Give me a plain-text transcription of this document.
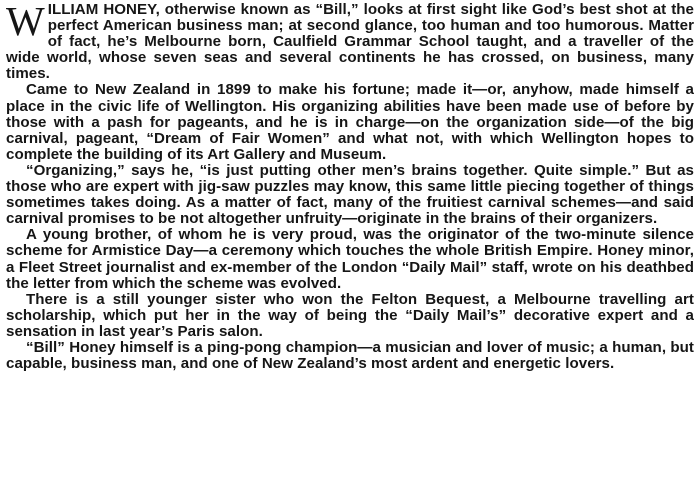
WILLIAM HONEY, otherwise known as “Bill,” looks at first sight like God’s best shot at the perfect American business man; at second glance, too human and too humorous. Matter of fact, he’s Melbourne born, Caulfield Grammar School taught, and a traveller of the wide world, whose seven seas and several continents he has crossed, on business, many times.

Came to New Zealand in 1899 to make his fortune; made it—or, anyhow, made himself a place in the civic life of Wellington. His organizing abilities have been made use of before by those with a pash for pageants, and he is in charge—on the organization side—of the big carnival, pageant, “Dream of Fair Women” and what not, with which Wellington hopes to complete the building of its Art Gallery and Museum.

“Organizing,” says he, “is just putting other men’s brains together. Quite simple.” But as those who are expert with jig-saw puzzles may know, this same little piecing together of things sometimes takes doing. As a matter of fact, many of the fruitiest carnival schemes—and said carnival promises to be not altogether unfruity—originate in the brains of their organizers.

A young brother, of whom he is very proud, was the originator of the two-minute silence scheme for Armistice Day—a ceremony which touches the whole British Empire. Honey minor, a Fleet Street journalist and ex-member of the London “Daily Mail” staff, wrote on his deathbed the letter from which the scheme was evolved.

There is a still younger sister who won the Felton Bequest, a Melbourne travelling art scholarship, which put her in the way of being the “Daily Mail’s” decorative expert and a sensation in last year’s Paris salon.

“Bill” Honey himself is a ping-pong champion—a musician and lover of music; a human, but capable, business man, and one of New Zealand’s most ardent and energetic lovers.
